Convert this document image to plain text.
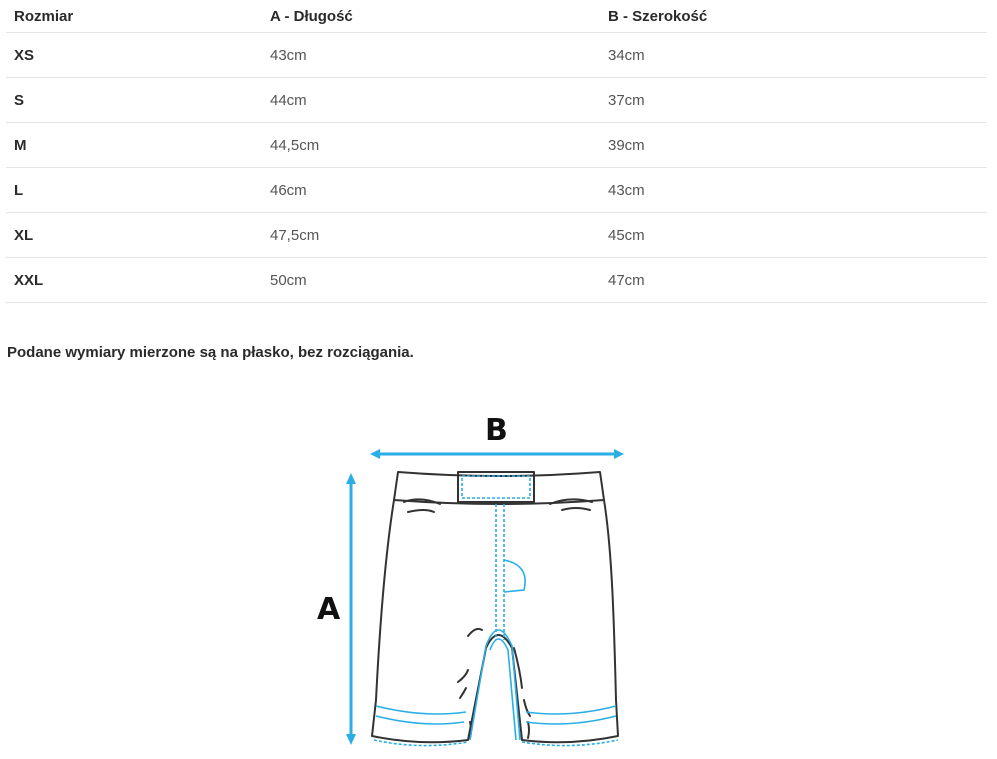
Rozmiar	A - Długość	B - Szerokość
XS	43cm	34cm
S	44cm	37cm
M	44,5cm	39cm
L	46cm	43cm
XL	47,5cm	45cm
XXL	50cm	47cm

Podane wymiary mierzone są na płasko, bez rozciągania.

B
A
